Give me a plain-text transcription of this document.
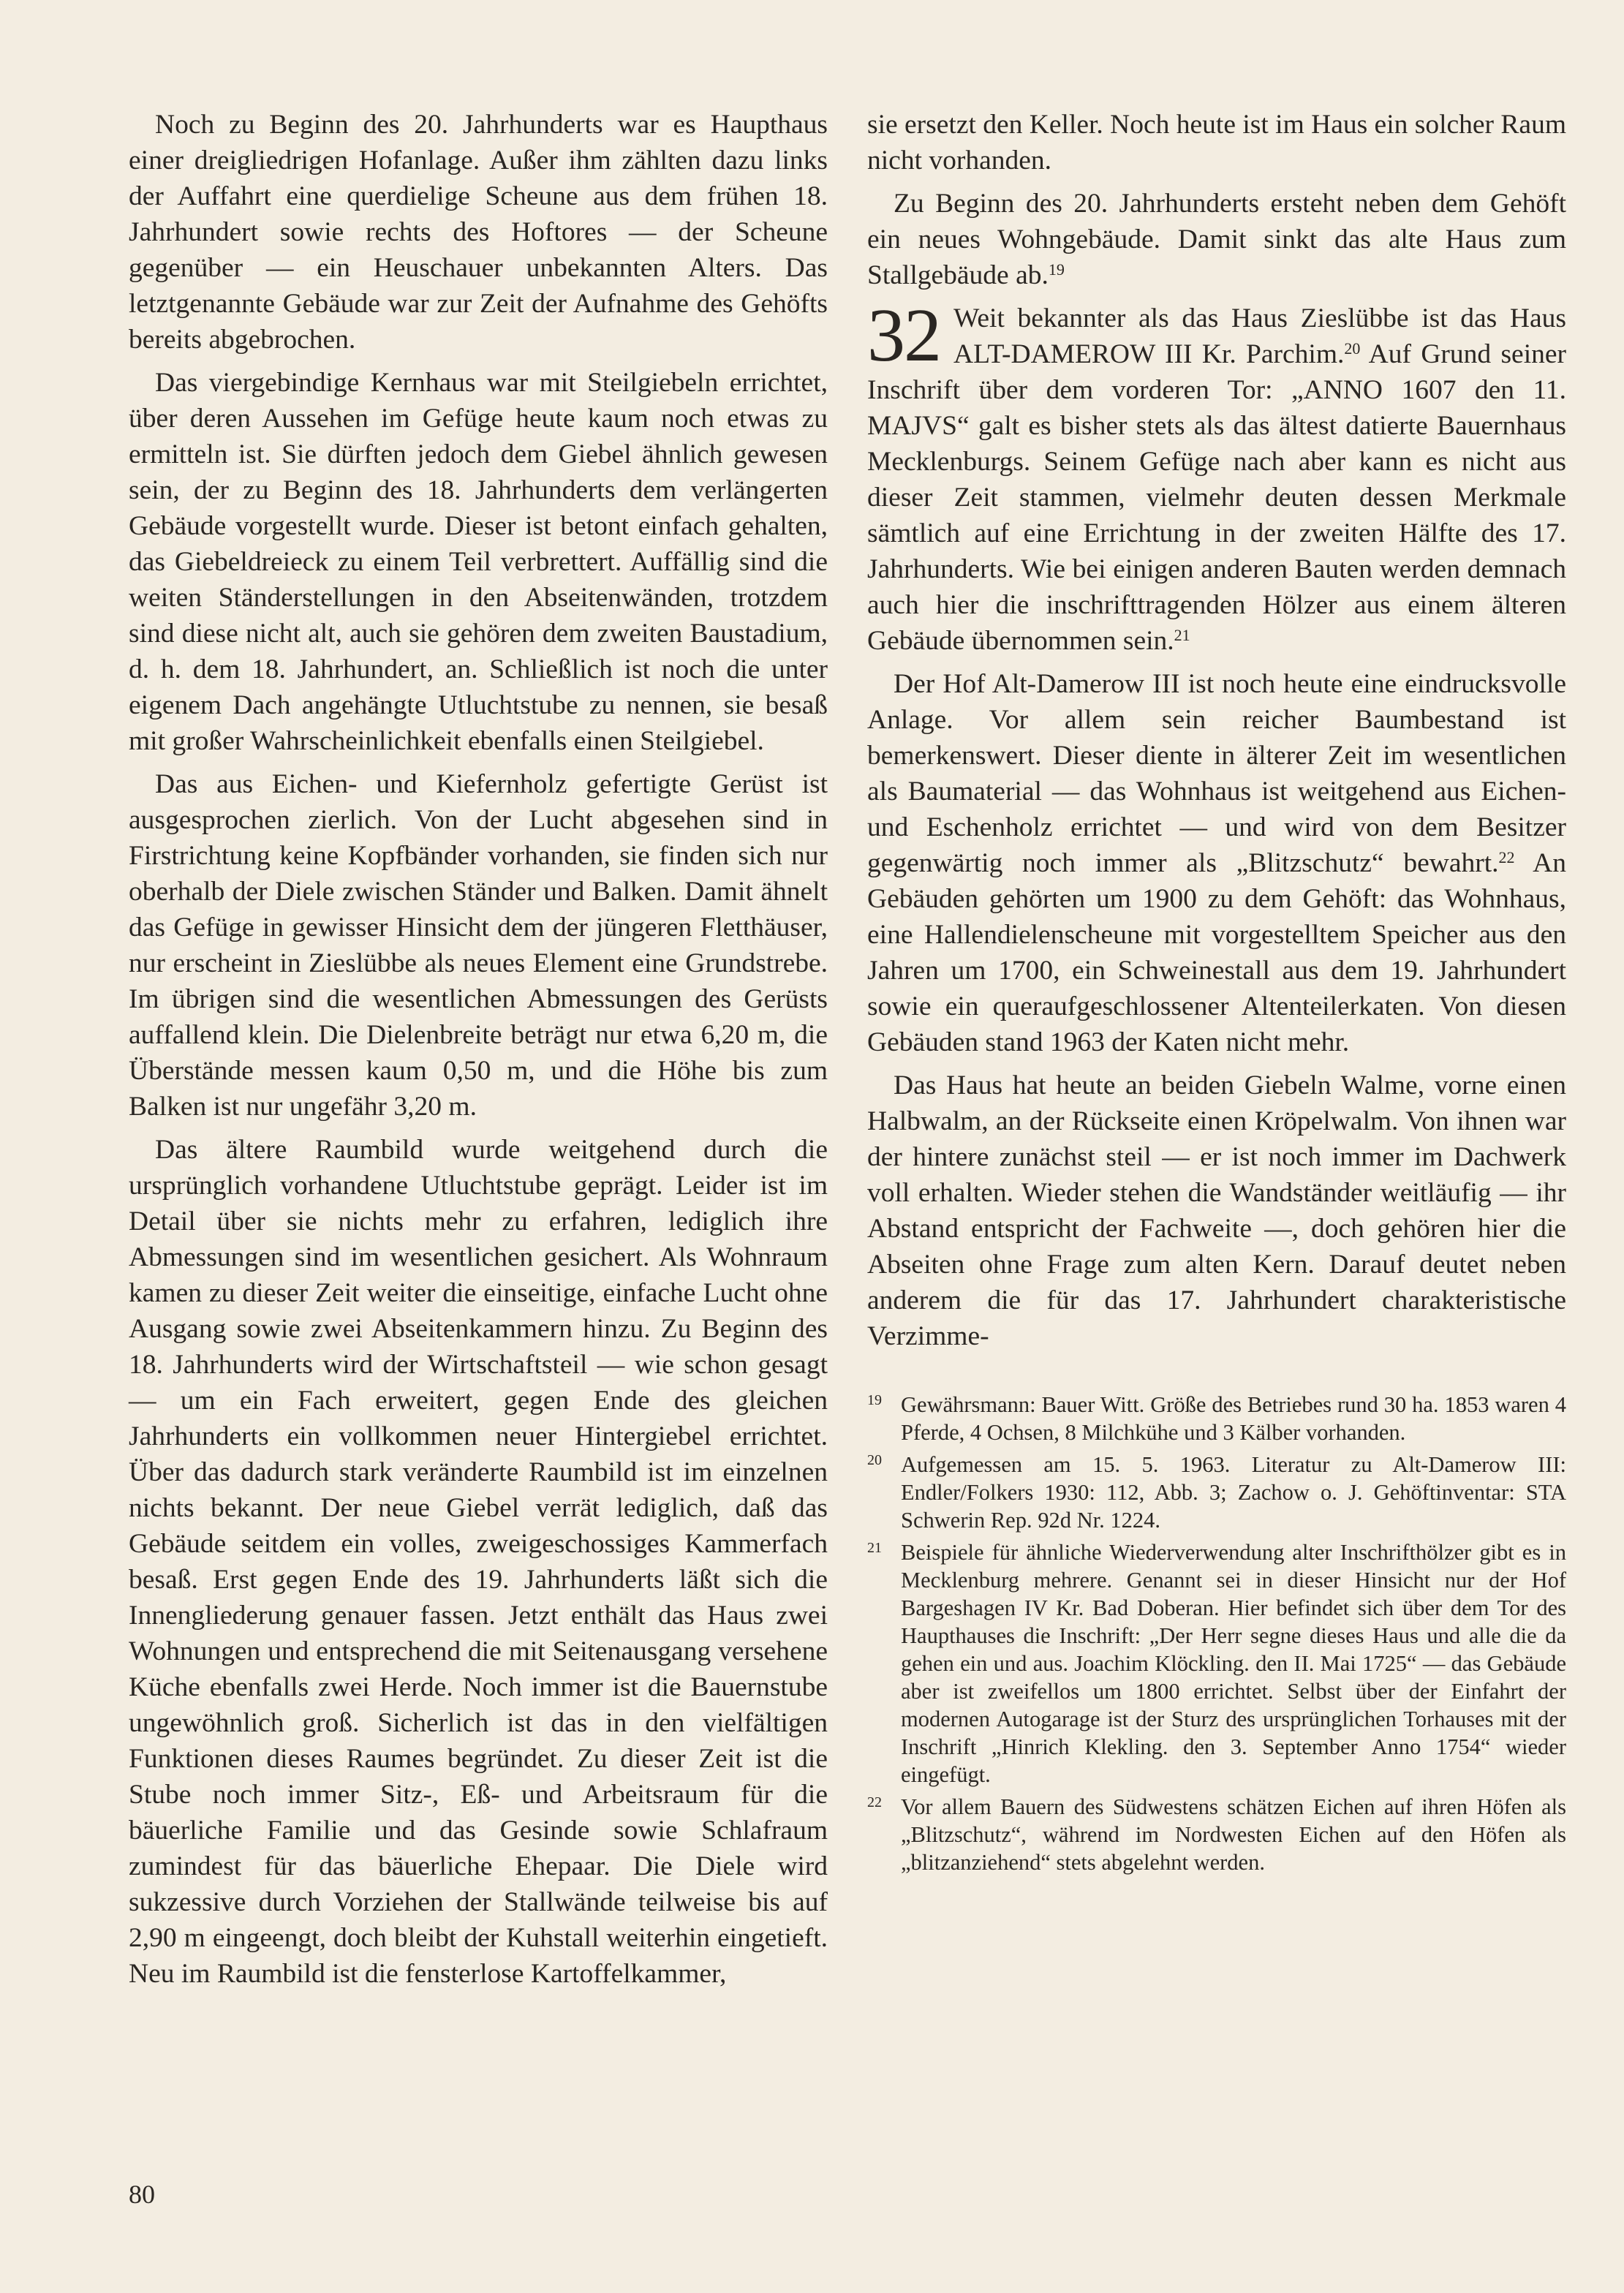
Noch zu Beginn des 20. Jahrhunderts war es Haupthaus einer dreigliedrigen Hofanlage. Außer ihm zählten dazu links der Auffahrt eine querdielige Scheune aus dem frühen 18. Jahrhundert sowie rechts des Hoftores — der Scheune gegenüber — ein Heuschauer unbekannten Alters. Das letztgenannte Gebäude war zur Zeit der Aufnahme des Gehöfts bereits abgebrochen.

Das viergebindige Kernhaus war mit Steilgiebeln errichtet, über deren Aussehen im Gefüge heute kaum noch etwas zu ermitteln ist. Sie dürften jedoch dem Giebel ähnlich gewesen sein, der zu Beginn des 18. Jahrhunderts dem verlängerten Gebäude vorgestellt wurde. Dieser ist betont einfach gehalten, das Giebeldreieck zu einem Teil verbrettert. Auffällig sind die weiten Ständerstellungen in den Abseitenwänden, trotzdem sind diese nicht alt, auch sie gehören dem zweiten Baustadium, d. h. dem 18. Jahrhundert, an. Schließlich ist noch die unter eigenem Dach angehängte Utluchtstube zu nennen, sie besaß mit großer Wahrscheinlichkeit ebenfalls einen Steilgiebel.

Das aus Eichen- und Kiefernholz gefertigte Gerüst ist ausgesprochen zierlich. Von der Lucht abgesehen sind in Firstrichtung keine Kopfbänder vorhanden, sie finden sich nur oberhalb der Diele zwischen Ständer und Balken. Damit ähnelt das Gefüge in gewisser Hinsicht dem der jüngeren Fletthäuser, nur erscheint in Zieslübbe als neues Element eine Grundstrebe. Im übrigen sind die wesentlichen Abmessungen des Gerüsts auffallend klein. Die Dielenbreite beträgt nur etwa 6,20 m, die Überstände messen kaum 0,50 m, und die Höhe bis zum Balken ist nur ungefähr 3,20 m.

Das ältere Raumbild wurde weitgehend durch die ursprünglich vorhandene Utluchtstube geprägt. Leider ist im Detail über sie nichts mehr zu erfahren, lediglich ihre Abmessungen sind im wesentlichen gesichert. Als Wohnraum kamen zu dieser Zeit weiter die einseitige, einfache Lucht ohne Ausgang sowie zwei Abseitenkammern hinzu. Zu Beginn des 18. Jahrhunderts wird der Wirtschaftsteil — wie schon gesagt — um ein Fach erweitert, gegen Ende des gleichen Jahrhunderts ein vollkommen neuer Hintergiebel errichtet. Über das dadurch stark veränderte Raumbild ist im einzelnen nichts bekannt. Der neue Giebel verrät lediglich, daß das Gebäude seitdem ein volles, zweigeschossiges Kammerfach besaß. Erst gegen Ende des 19. Jahrhunderts läßt sich die Innengliederung genauer fassen. Jetzt enthält das Haus zwei Wohnungen und entsprechend die mit Seitenausgang versehene Küche ebenfalls zwei Herde. Noch immer ist die Bauernstube ungewöhnlich groß. Sicherlich ist das in den vielfältigen Funktionen dieses Raumes begründet. Zu dieser Zeit ist die Stube noch immer Sitz-, Eß- und Arbeitsraum für die bäuerliche Familie und das Gesinde sowie Schlafraum zumindest für das bäuerliche Ehepaar. Die Diele wird sukzessive durch Vorziehen der Stallwände teilweise bis auf 2,90 m eingeengt, doch bleibt der Kuhstall weiterhin eingetieft. Neu im Raumbild ist die fensterlose Kartoffelkammer,

sie ersetzt den Keller. Noch heute ist im Haus ein solcher Raum nicht vorhanden.

Zu Beginn des 20. Jahrhunderts ersteht neben dem Gehöft ein neues Wohngebäude. Damit sinkt das alte Haus zum Stallgebäude ab.$^{19}$

32 Weit bekannter als das Haus Zieslübbe ist das Haus ALT-DAMEROW III Kr. Parchim.$^{20}$ Auf Grund seiner Inschrift über dem vorderen Tor: „ANNO 1607 den 11. MAJVS“ galt es bisher stets als das ältest datierte Bauernhaus Mecklenburgs. Seinem Gefüge nach aber kann es nicht aus dieser Zeit stammen, vielmehr deuten dessen Merkmale sämtlich auf eine Errichtung in der zweiten Hälfte des 17. Jahrhunderts. Wie bei einigen anderen Bauten werden demnach auch hier die inschrifttragenden Hölzer aus einem älteren Gebäude übernommen sein.$^{21}$

Der Hof Alt-Damerow III ist noch heute eine eindrucksvolle Anlage. Vor allem sein reicher Baumbestand ist bemerkenswert. Dieser diente in älterer Zeit im wesentlichen als Baumaterial — das Wohnhaus ist weitgehend aus Eichen- und Eschenholz errichtet — und wird von dem Besitzer gegenwärtig noch immer als „Blitzschutz“ bewahrt.$^{22}$ An Gebäuden gehörten um 1900 zu dem Gehöft: das Wohnhaus, eine Hallendielenscheune mit vorgestelltem Speicher aus den Jahren um 1700, ein Schweinestall aus dem 19. Jahrhundert sowie ein queraufgeschlossener Altenteilerkaten. Von diesen Gebäuden stand 1963 der Katen nicht mehr.

Das Haus hat heute an beiden Giebeln Walme, vorne einen Halbwalm, an der Rückseite einen Kröpelwalm. Von ihnen war der hintere zunächst steil — er ist noch immer im Dachwerk voll erhalten. Wieder stehen die Wandständer weitläufig — ihr Abstand entspricht der Fachweite —, doch gehören hier die Abseiten ohne Frage zum alten Kern. Darauf deutet neben anderem die für das 17. Jahrhundert charakteristische Verzimme-

19 Gewährsmann: Bauer Witt. Größe des Betriebes rund 30 ha. 1853 waren 4 Pferde, 4 Ochsen, 8 Milchkühe und 3 Kälber vorhanden.
20 Aufgemessen am 15. 5. 1963. Literatur zu Alt-Damerow III: Endler/Folkers 1930: 112, Abb. 3; Zachow o. J. Gehöftinventar: STA Schwerin Rep. 92d Nr. 1224.
21 Beispiele für ähnliche Wiederverwendung alter Inschrifthölzer gibt es in Mecklenburg mehrere. Genannt sei in dieser Hinsicht nur der Hof Bargeshagen IV Kr. Bad Doberan. Hier befindet sich über dem Tor des Haupthauses die Inschrift: „Der Herr segne dieses Haus und alle die da gehen ein und aus. Joachim Klöckling. den II. Mai 1725“ — das Gebäude aber ist zweifellos um 1800 errichtet. Selbst über der Einfahrt der modernen Autogarage ist der Sturz des ursprünglichen Torhauses mit der Inschrift „Hinrich Klekling. den 3. September Anno 1754“ wieder eingefügt.
22 Vor allem Bauern des Südwestens schätzen Eichen auf ihren Höfen als „Blitzschutz“, während im Nordwesten Eichen auf den Höfen als „blitzanziehend“ stets abgelehnt werden.
80
